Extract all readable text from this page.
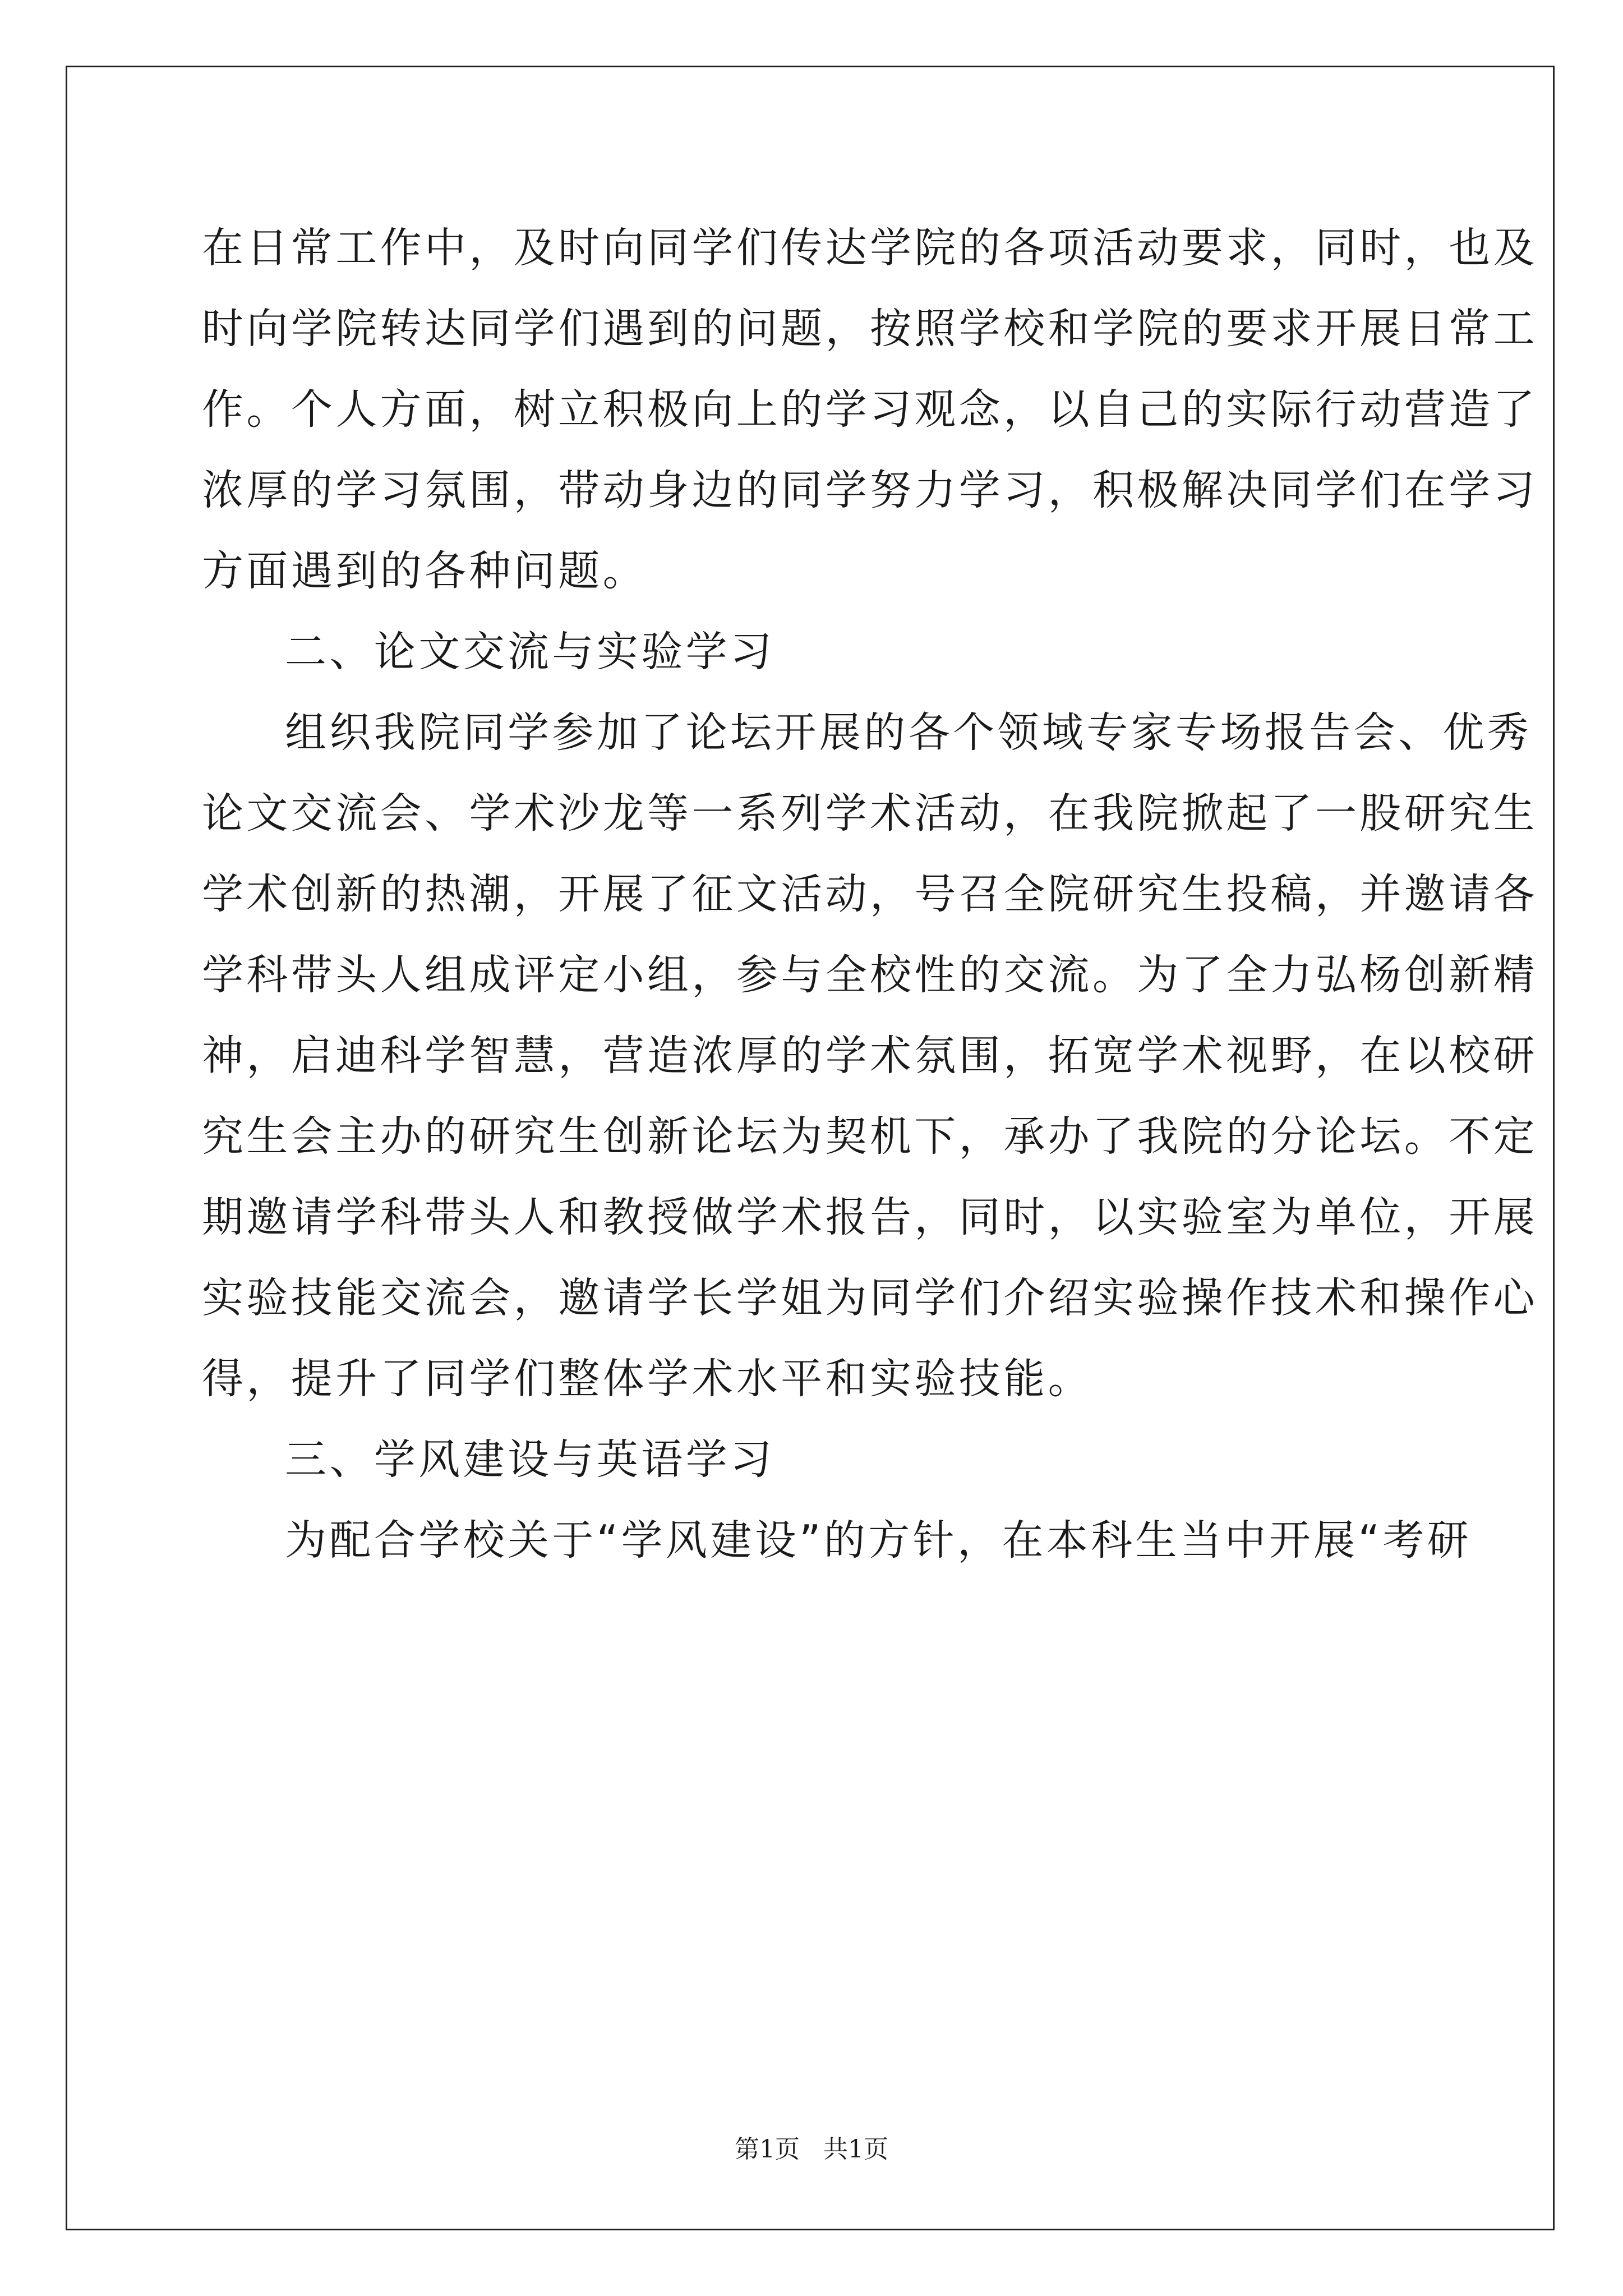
在日常工作中，及时向同学们传达学院的各项活动要求，同时，也及
时向学院转达同学们遇到的问题，按照学校和学院的要求开展日常工
作。个人方面，树立积极向上的学习观念，以自己的实际行动营造了
浓厚的学习氛围，带动身边的同学努力学习，积极解决同学们在学习
方面遇到的各种问题。
二、论文交流与实验学习
组织我院同学参加了论坛开展的各个领域专家专场报告会、优秀
论文交流会、学术沙龙等一系列学术活动，在我院掀起了一股研究生
学术创新的热潮，开展了征文活动，号召全院研究生投稿，并邀请各
学科带头人组成评定小组，参与全校性的交流。为了全力弘杨创新精
神，启迪科学智慧，营造浓厚的学术氛围，拓宽学术视野，在以校研
究生会主办的研究生创新论坛为契机下，承办了我院的分论坛。不定
期邀请学科带头人和教授做学术报告，同时，以实验室为单位，开展
实验技能交流会，邀请学长学姐为同学们介绍实验操作技术和操作心
得，提升了同学们整体学术水平和实验技能。
三、学风建设与英语学习
为配合学校关于“学风建设”的方针，在本科生当中开展“考研
第1页   共1页
